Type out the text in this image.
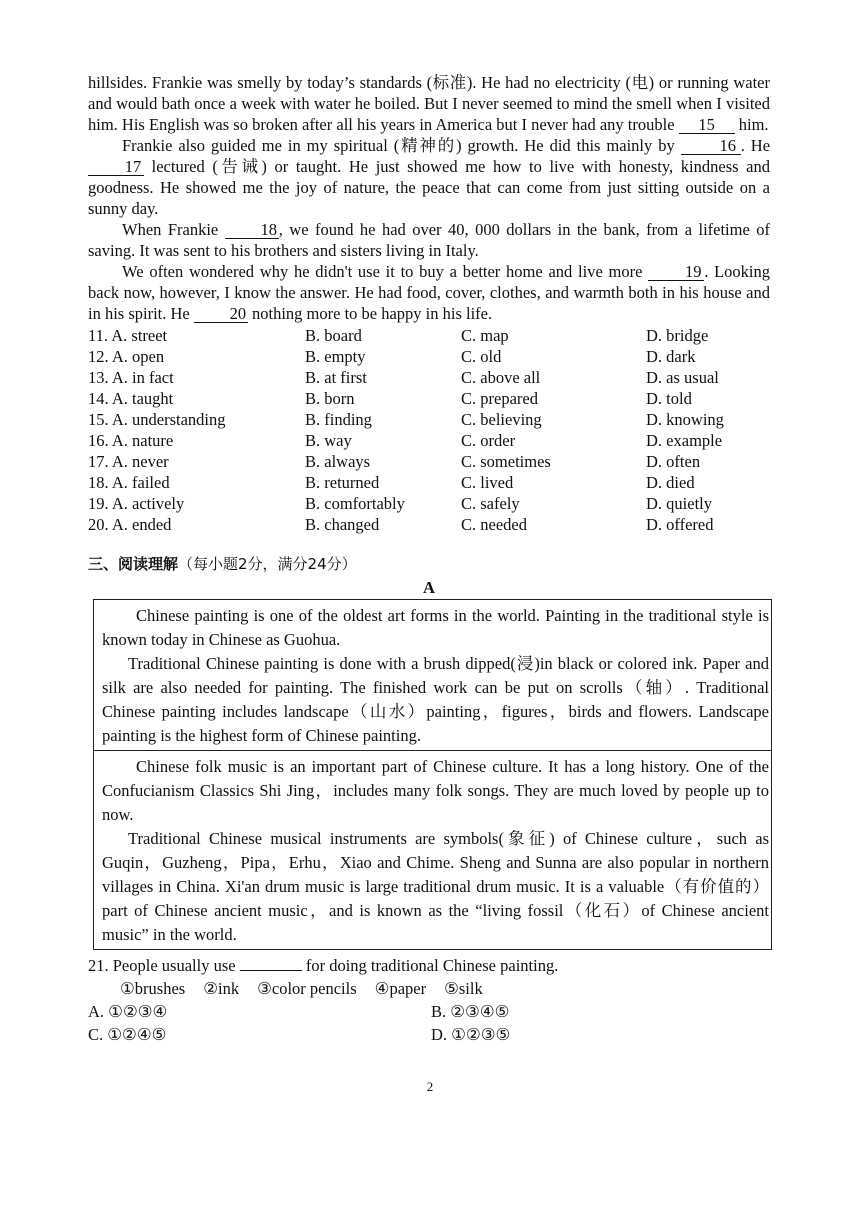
hillsides. Frankie was smelly by today’s standards (标准). He had no electricity (电) or running water and would bath once a week with water he boiled. But I never seemed to mind the smell when I visited him. His English was so broken after all his years in America but I never had any trouble 15 him.

Frankie also guided me in my spiritual (精神的) growth. He did this mainly by	16 . He 17 lectured (告诫) or taught. He just showed me how to live with honesty, kindness and goodness. He showed me the joy of nature, the peace that can come from just sitting outside on a sunny day.

When Frankie	18 , we found he had over 40, 000 dollars in the bank, from a lifetime of saving. It was sent to his brothers and sisters living in Italy.

We often wondered why he didn't use it to buy a better home and live more	19 . Looking back now, however, I know the answer. He had food, cover, clothes, and warmth both in his house and in his spirit. He 20 nothing more to be happy in his life.

11. A. street	B. board	C. map	D. bridge
12. A. open	B. empty	C. old	D. dark
13. A. in fact	B. at first	C. above all	D. as usual
14. A. taught	B. born	C. prepared	D. told
15. A. understanding	B. finding	C. believing	D. knowing
16. A. nature	B. way	C. order	D. example
17. A. never	B. always	C. sometimes	D. often
18. A. failed	B. returned	C. lived	D. died
19. A. actively	B. comfortably	C. safely	D. quietly
20. A. ended	B. changed	C. needed	D. offered
三、阅读理解（每小题2分，满分24分）
A

Chinese painting is one of the oldest art forms in the world. Painting in the traditional style is known today in Chinese as Guohua.

Traditional Chinese painting is done with a brush dipped(浸)in black or colored ink. Paper and silk are also needed for painting. The finished work can be put on scrolls（轴）. Traditional Chinese painting includes landscape（山水）painting，figures，birds and flowers. Landscape painting is the highest form of Chinese painting.

Chinese folk music is an important part of Chinese culture. It has a long history. One of the Confucianism Classics Shi Jing，includes many folk songs. They are much loved by people up to now.

Traditional Chinese musical instruments are symbols(象征) of Chinese culture，such as Guqin，Guzheng，Pipa，Erhu，Xiao and Chime. Sheng and Sunna are also popular in northern villages in China. Xi'an drum music is large traditional drum music. It is a valuable（有价值的）part of Chinese ancient music，and is known as the “living fossil（化石）of Chinese ancient music” in the world.

21. People usually use	for doing traditional Chinese painting.

①brushes ②ink ③color pencils ④paper ⑤silk
A. ①②③④	B. ②③④⑤
C. ①②④⑤	D. ①②③⑤
2
